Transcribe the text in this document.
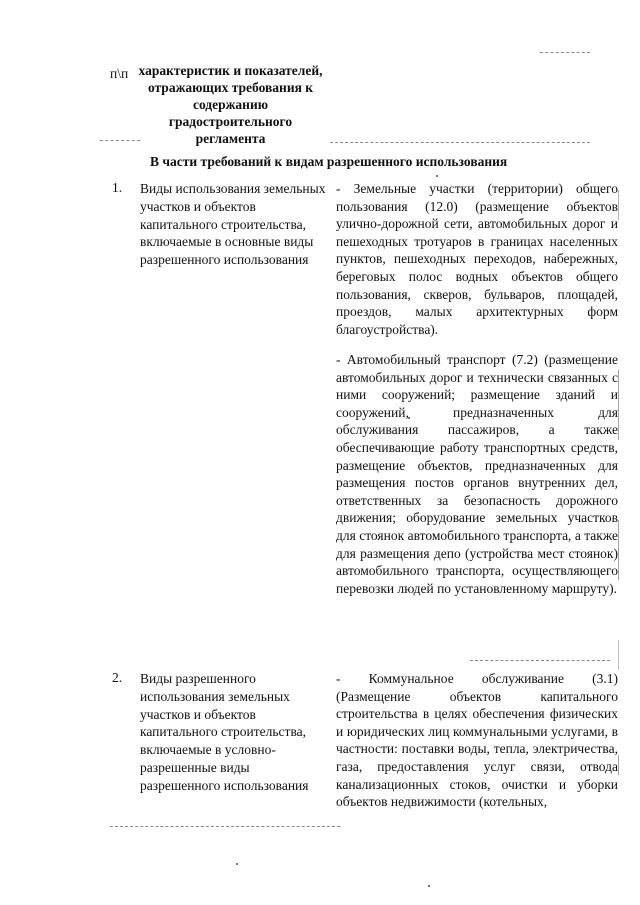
п\п характеристик и показателей, отражающих требования к содержанию градостроительного регламента
В части требований к видам разрешенного использования
1. Виды использования земельных участков и объектов капитального строительства, включаемые в основные виды разрешенного использования
- Земельные участки (территории) общего пользования (12.0) (размещение объектов улично-дорожной сети, автомобильных дорог и пешеходных тротуаров в границах населенных пунктов, пешеходных переходов, набережных, береговых полос водных объектов общего пользования, скверов, бульваров, площадей, проездов, малых архитектурных форм благоустройства).
- Автомобильный транспорт (7.2) (размещение автомобильных дорог и технически связанных с ними сооружений; размещение зданий и сооружений, предназначенных для обслуживания пассажиров, а также обеспечивающие работу транспортных средств, размещение объектов, предназначенных для размещения постов органов внутренних дел, ответственных за безопасность дорожного движения; оборудование земельных участков для стоянок автомобильного транспорта, а также для размещения депо (устройства мест стоянок) автомобильного транспорта, осуществляющего перевозки людей по установленному маршруту).
2. Виды разрешенного использования земельных участков и объектов капитального строительства, включаемые в условно-разрешенные виды разрешенного использования
- Коммунальное обслуживание (3.1) (Размещение объектов капитального строительства в целях обеспечения физических и юридических лиц коммунальными услугами, в частности: поставки воды, тепла, электричества, газа, предоставления услуг связи, отвода канализационных стоков, очистки и уборки объектов недвижимости (котельных,
